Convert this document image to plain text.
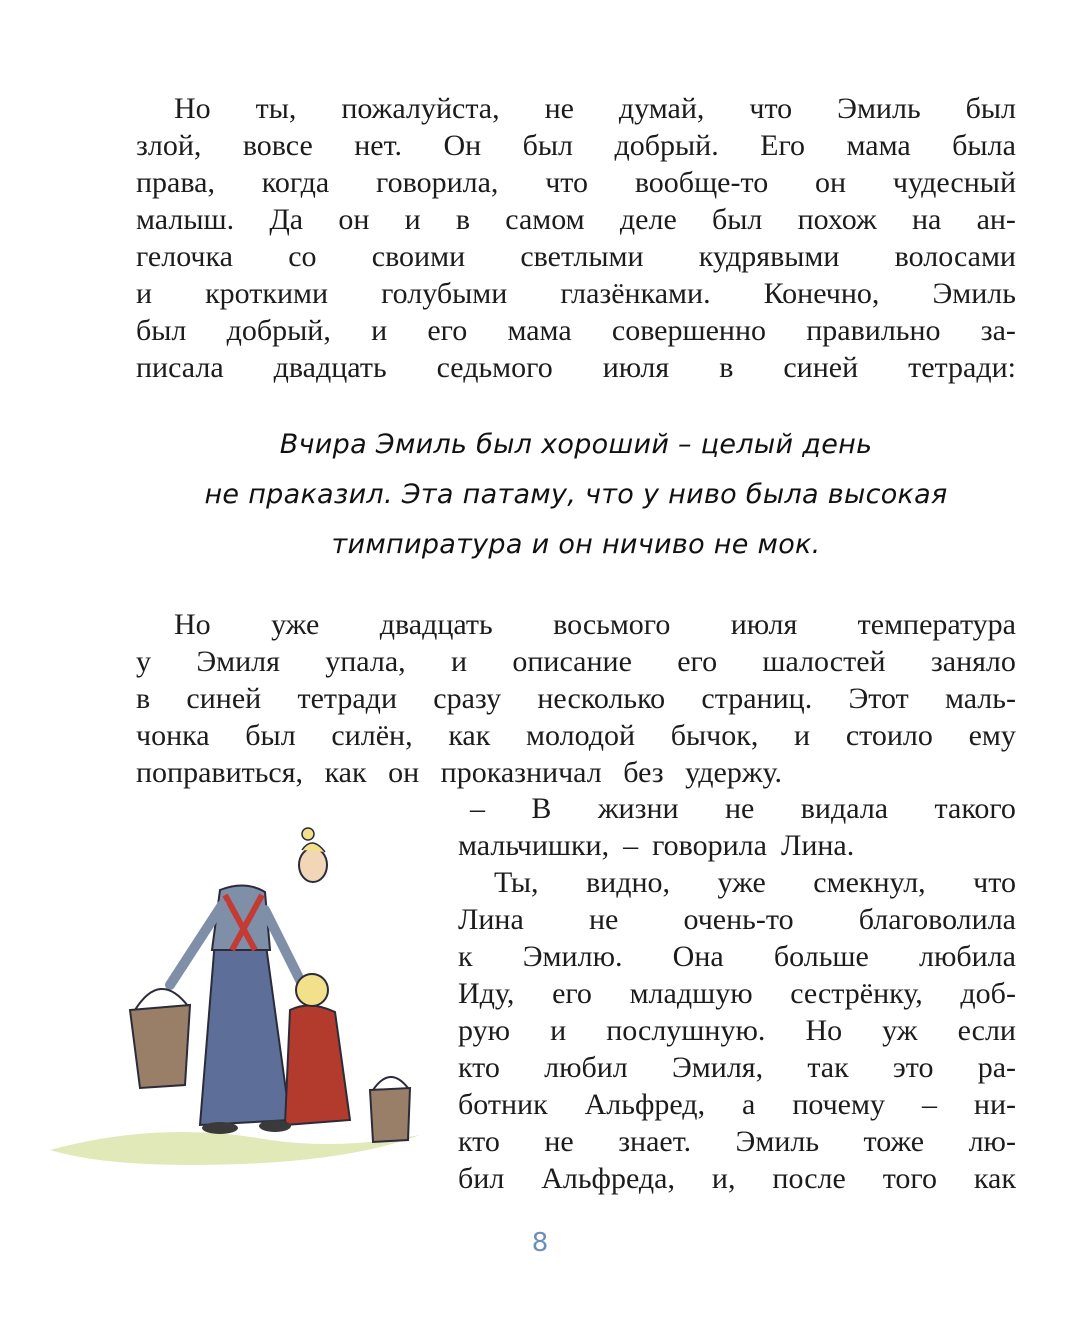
Но ты, пожалуйста, не думай, что Эмиль был
злой, вовсе нет. Он был добрый. Его мама была
права, когда говорила, что вообще-то он чудесный
малыш. Да он и в самом деле был похож на ан-
гелочка со своими светлыми кудрявыми волосами
и кроткими голубыми глазёнками. Конечно, Эмиль
был добрый, и его мама совершенно правильно за-
писала двадцать седьмого июля в синей тетради:
Вчира Эмиль был хороший – целый день
не праказил. Эта патаму, что у ниво была высокая
тимпиратура и он ничиво не мок.
Но уже двадцать восьмого июля температура
у Эмиля упала, и описание его шалостей заняло
в синей тетради сразу несколько страниц. Этот маль-
чонка был силён, как молодой бычок, и стоило ему
поправиться, как он проказничал без удержу.
– В жизни не видала такого
мальчишки, – говорила Лина.
Ты, видно, уже смекнул, что
Лина не очень-то благоволила
к Эмилю. Она больше любила
Иду, его младшую сестрёнку, доб-
рую и послушную. Но уж если
кто любил Эмиля, так это ра-
ботник Альфред, а почему – ни-
кто не знает. Эмиль тоже лю-
бил Альфреда, и, после того как
8
